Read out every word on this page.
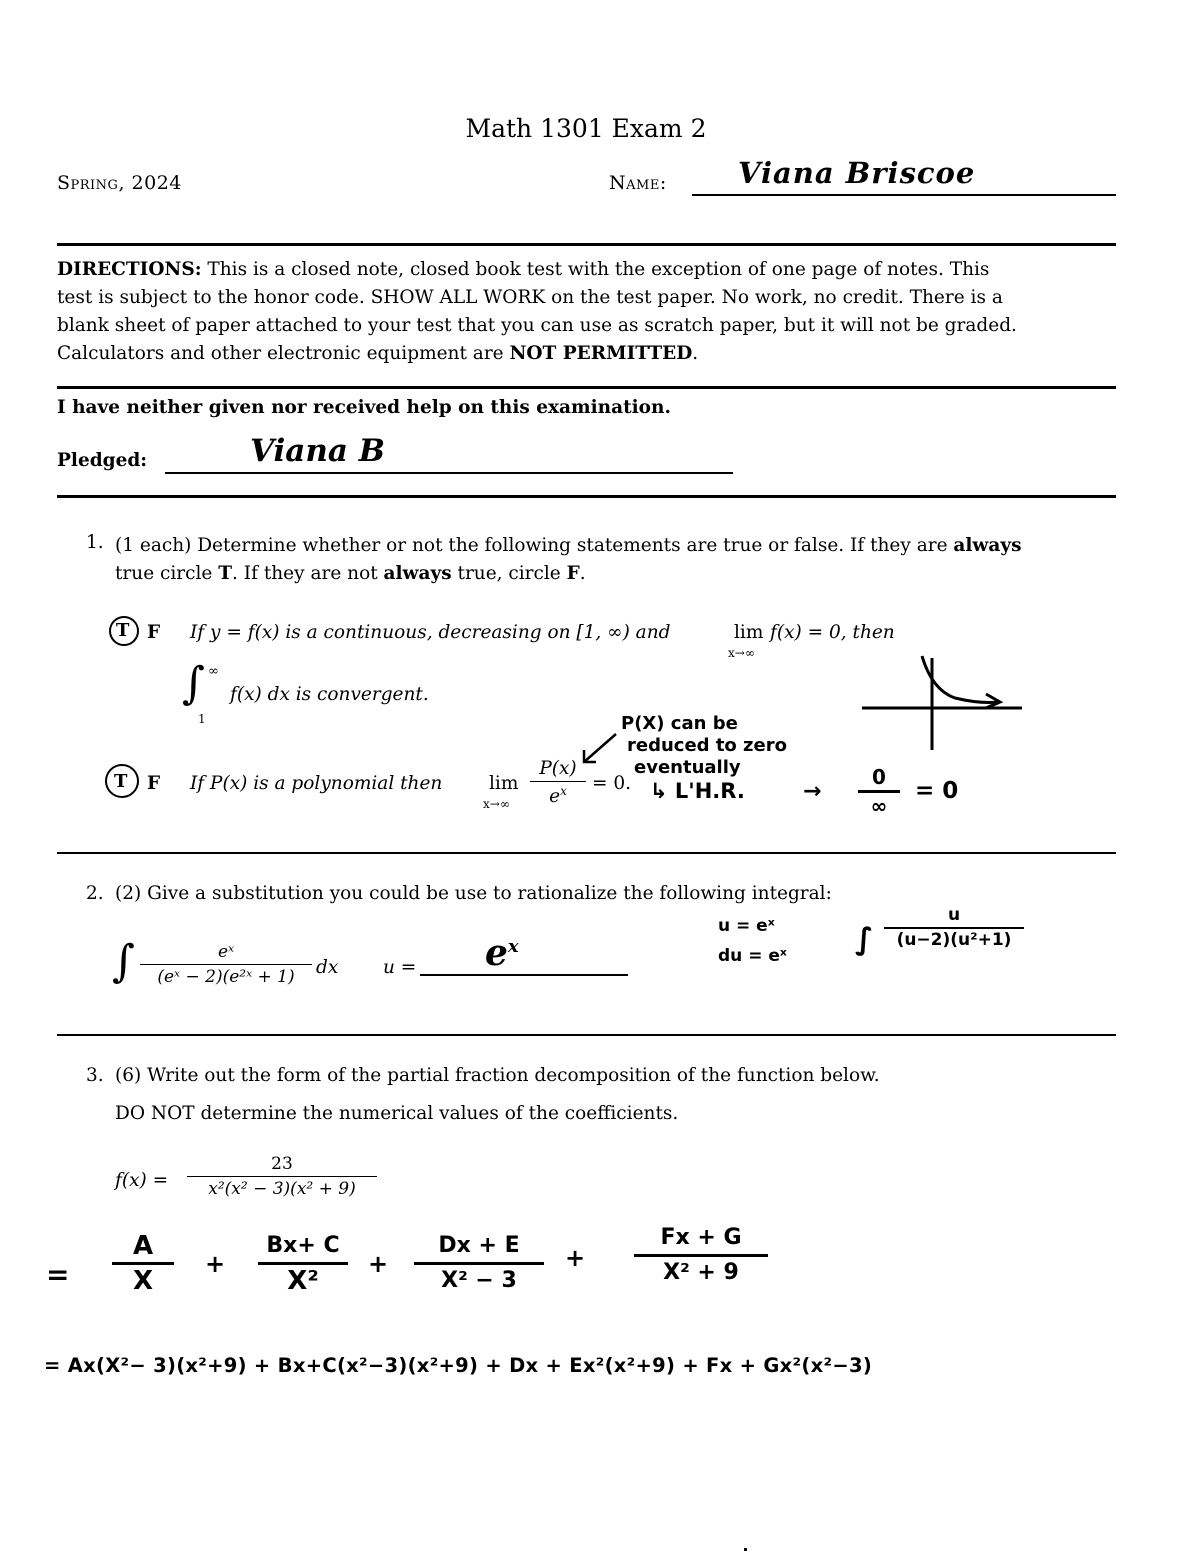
Math 1301 Exam 2
Spring, 2024	Name: Viana Briscoe
DIRECTIONS: This is a closed note, closed book test with the exception of one page of notes. This
test is subject to the honor code. SHOW ALL WORK on the test paper. No work, no credit. There is a
blank sheet of paper attached to your test that you can use as scratch paper, but it will not be graded.
Calculators and other electronic equipment are NOT PERMITTED.
I have neither given nor received help on this examination.
Pledged:	Viana B
1. (1 each) Determine whether or not the following statements are true or false. If they are always
true circle T. If they are not always true, circle F.
T F If y = f(x) is a continuous, decreasing on [1, ∞) and	lim
x→∞
f(x) = 0, then
∫ ∞
1
f(x) dx is convergent.
T F If P(x) is a polynomial then	lim
x→∞
P(x)
$e^x$	= 0.
P(X) can be
reduced to zero
eventually
↳ L'H.R.	→
0
∞
= 0
2. (2) Give a substitution you could be use to rationalize the following integral:
∫	eˣ
(eˣ − 2)(e²ˣ + 1)	dx $u = e^x$
u = eˣ
du = eˣ ∫
u
(u−2)(u²+1)
3. (6) Write out the form of the partial fraction decomposition of the function below.
DO NOT determine the numerical values of the coefficients.
f(x) =
23
x²(x² − 3)(x² + 9)
=
A
X
+
Bx+ C
X²
+
Dx + E
X² − 3
+
Fx + G
X² + 9
= Ax(X²− 3)(x²+9) + Bx+C(x²−3)(x²+9) + Dx + Ex²(x²+9) + Fx + Gx²(x²−3)
